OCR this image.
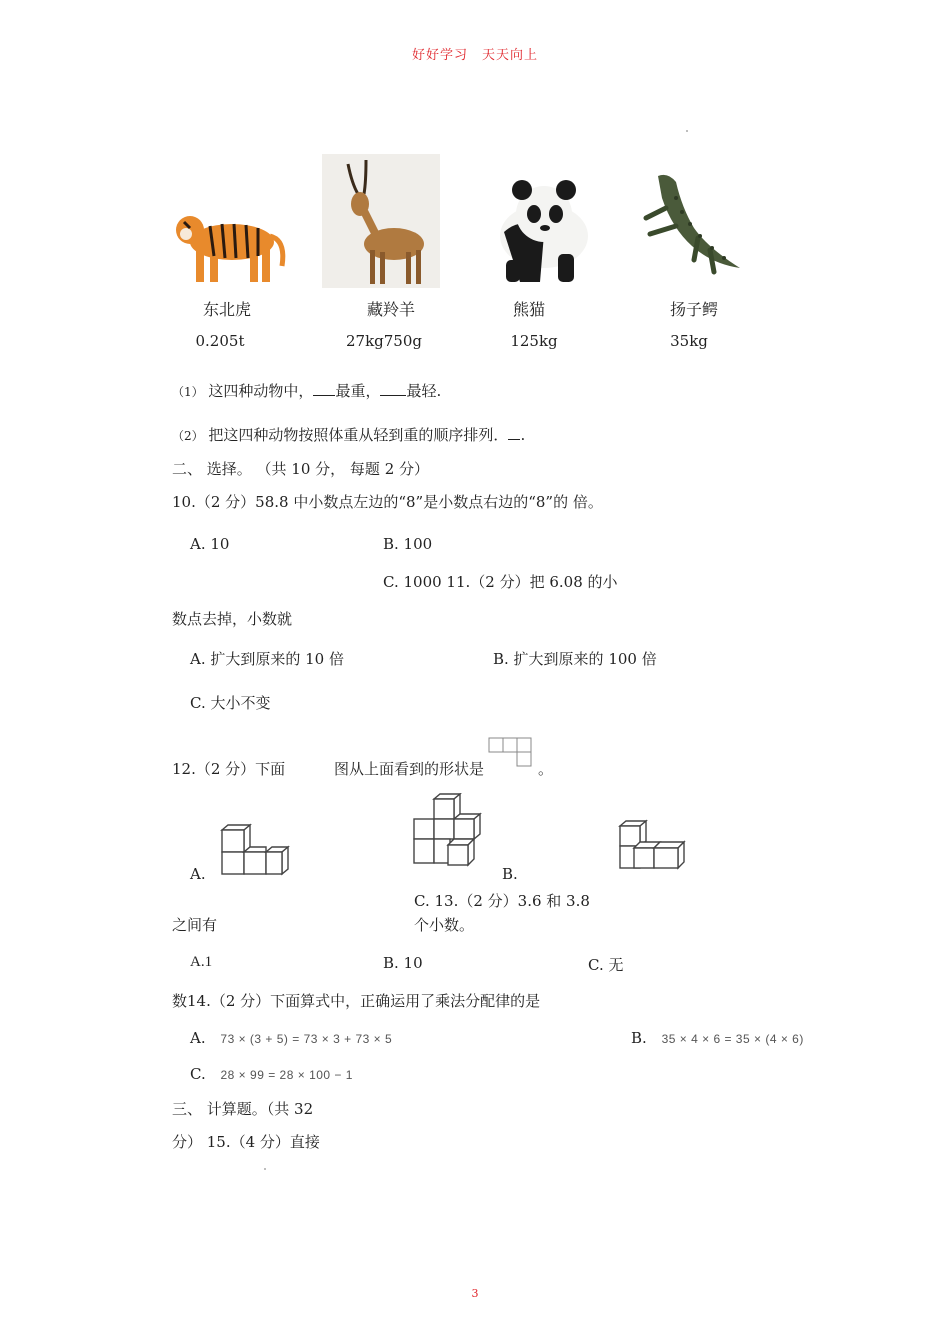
好好学习　天天向上
3
东北虎	藏羚羊	熊猫	扬子鳄
0.205t	27kg750g	125kg	35kg
（1） 这四种动物中， 最重， 最轻.
（2） 把这四种动物按照体重从轻到重的顺序排列． .
二、 选择。 （共 10 分， 每题 2 分）
10.（2 分）58.8 中小数点左边的“8”是小数点右边的“8”的 倍。
A. 10	B. 100
C. 1000 11.（2 分）把 6.08 的小
数点去掉，小数就
A. 扩大到原来的 10 倍	B. 扩大到原来的 100 倍
C. 大小不变
12.（2 分）下面	图从上面看到的形状是	。
A.	B.
C. 13.（2 分）3.6 和 3.8
之间有	个小数。
A.1	B. 10	C. 无
数14.（2 分）下面算式中，正确运用了乘法分配律的是
A. 73 × (3 + 5) = 73 × 3 + 73 × 5	B. 35 × 4 × 6 = 35 × (4 × 6)
C. 28 × 99 = 28 × 100 − 1
三、 计算题。（共 32
分） 15.（4 分）直接
